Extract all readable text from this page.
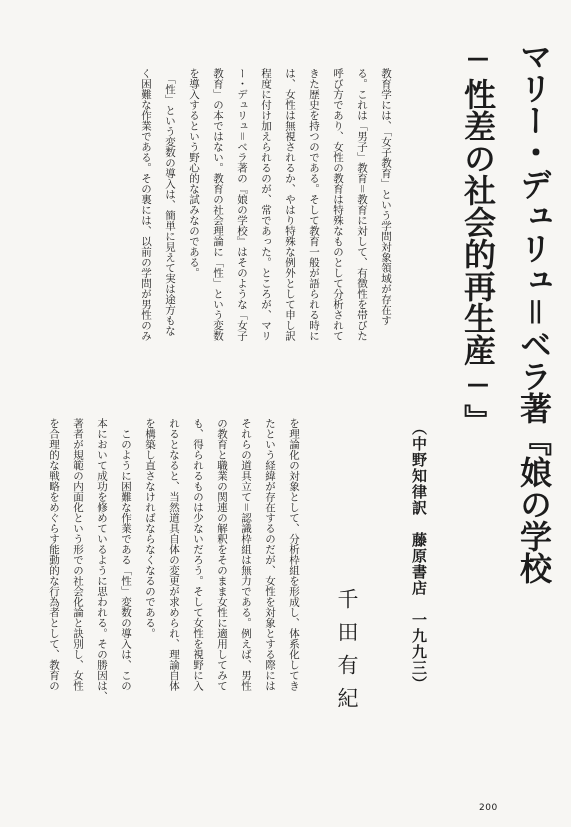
マリー・デュリュ＝ベラ著『娘の学校
─性差の社会的再生産─』
（中野知律訳　藤原書店　一九九三）
千田有紀
教育学には、「女子教育」という学問対象領域が存在す
る。これは「男子」教育＝教育に対して、有徴性を帯びた
呼び方であり、女性の教育は特殊なものとして分析されて
きた歴史を持つのである。そして教育一般が語られる時に
は、女性は無視されるか、やはり特殊な例外として申し訳
程度に付け加えられるのが、常であった。ところが、マリ
ー・デュリュ＝ベラ著の『娘の学校』はそのような「女子
教育」の本ではない。教育の社会理論に「性」という変数
を導入するという野心的な試みなのである。
　「性」という変数の導入は、簡単に見えて実は途方もな
く困難な作業である。その裏には、以前の学問が男性のみ
を理論化の対象として、分析枠組を形成し、体系化してき
たという経緯が存在するのだが、女性を対象とする際には
それらの道具立て＝認識枠組は無力である。例えば、男性
の教育と職業の関連の解釈をそのまま女性に適用してみて
も、得られるものは少ないだろう。そして女性を視野に入
れるとなると、当然道具自体の変更が求められ、理論自体
を構築し直さなければならなくなるのである。
　このように困難な作業である「性」変数の導入は、この
本において成功を修めているように思われる。その勝因は、
著者が規範の内面化という形での社会化論と訣別し、女性
を合理的な戦略をめぐらす能動的な行為者として、教育の
200
